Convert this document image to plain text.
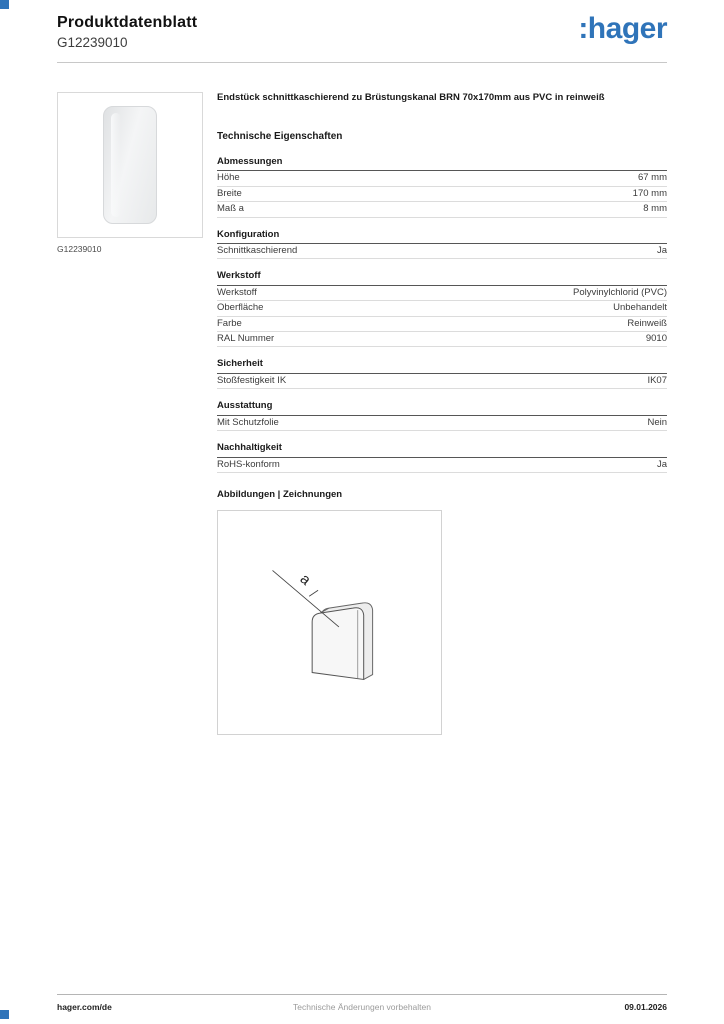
Produktdatenblatt
G12239010	:hager
G12239010
Endstück schnittkaschierend zu Brüstungskanal BRN 70x170mm aus PVC in reinweiß
Technische Eigenschaften
Abmessungen
Höhe	67 mm
Breite	170 mm
Maß a	8 mm
Konfiguration
Schnittkaschierend	Ja
Werkstoff
Werkstoff	Polyvinylchlorid (PVC)
Oberfläche	Unbehandelt
Farbe	Reinweiß
RAL Nummer	9010
Sicherheit
Stoßfestigkeit IK	IK07
Ausstattung
Mit Schutzfolie	Nein
Nachhaltigkeit
RoHS-konform	Ja
Abbildungen | Zeichnungen
a
hager.com/de	Technische Änderungen vorbehalten	09.01.2026
